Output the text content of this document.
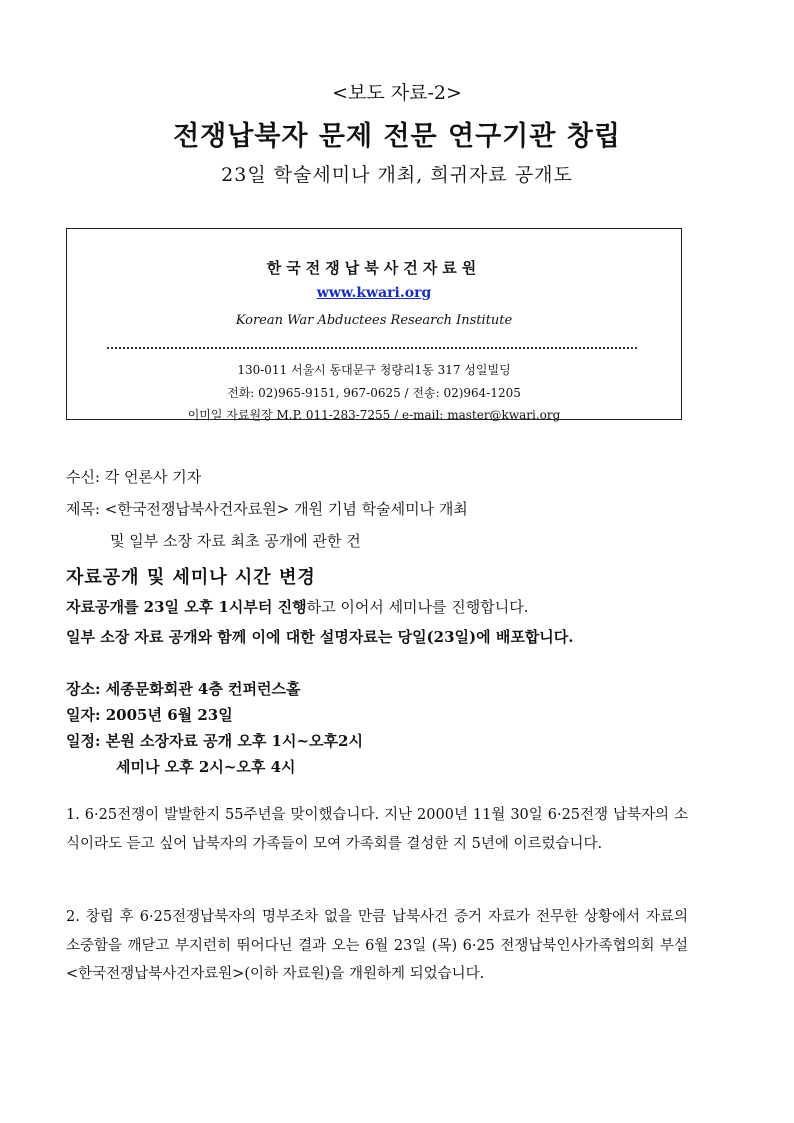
<보도 자료-2>
전쟁납북자 문제 전문 연구기관 창립
23일 학술세미나 개최, 희귀자료 공개도
한국전쟁납북사건자료원
www.kwari.org
Korean War Abductees Research Institute
130-011 서울시 동대문구 청량리1동 317 성일빌딩
전화: 02)965-9151, 967-0625 / 전송: 02)964-1205
이미일 자료원장 M.P. 011-283-7255 / e-mail: master@kwari.org
수신: 각 언론사 기자
제목: <한국전쟁납북사건자료원> 개원 기념 학술세미나 개최
및 일부 소장 자료 최초 공개에 관한 건
자료공개 및 세미나 시간 변경
자료공개를 23일 오후 1시부터 진행하고 이어서 세미나를 진행합니다.
일부 소장 자료 공개와 함께 이에 대한 설명자료는 당일(23일)에 배포합니다.
장소: 세종문화회관 4층 컨퍼런스홀
일자: 2005년 6월 23일
일정: 본원 소장자료 공개 오후 1시~오후2시
세미나 오후 2시~오후 4시
1. 6·25전쟁이 발발한지 55주년을 맞이했습니다. 지난 2000년 11월 30일 6·25전쟁 납북자의 소식이라도 듣고 싶어 납북자의 가족들이 모여 가족회를 결성한 지 5년에 이르렀습니다.
2. 창립 후 6·25전쟁납북자의 명부조차 없을 만큼 납북사건 증거 자료가 전무한 상황에서 자료의 소중함을 깨닫고 부지런히 뛰어다닌 결과 오는 6월 23일 (목) 6·25 전쟁납북인사가족협의회 부설 <한국전쟁납북사건자료원>(이하 자료원)을 개원하게 되었습니다.
